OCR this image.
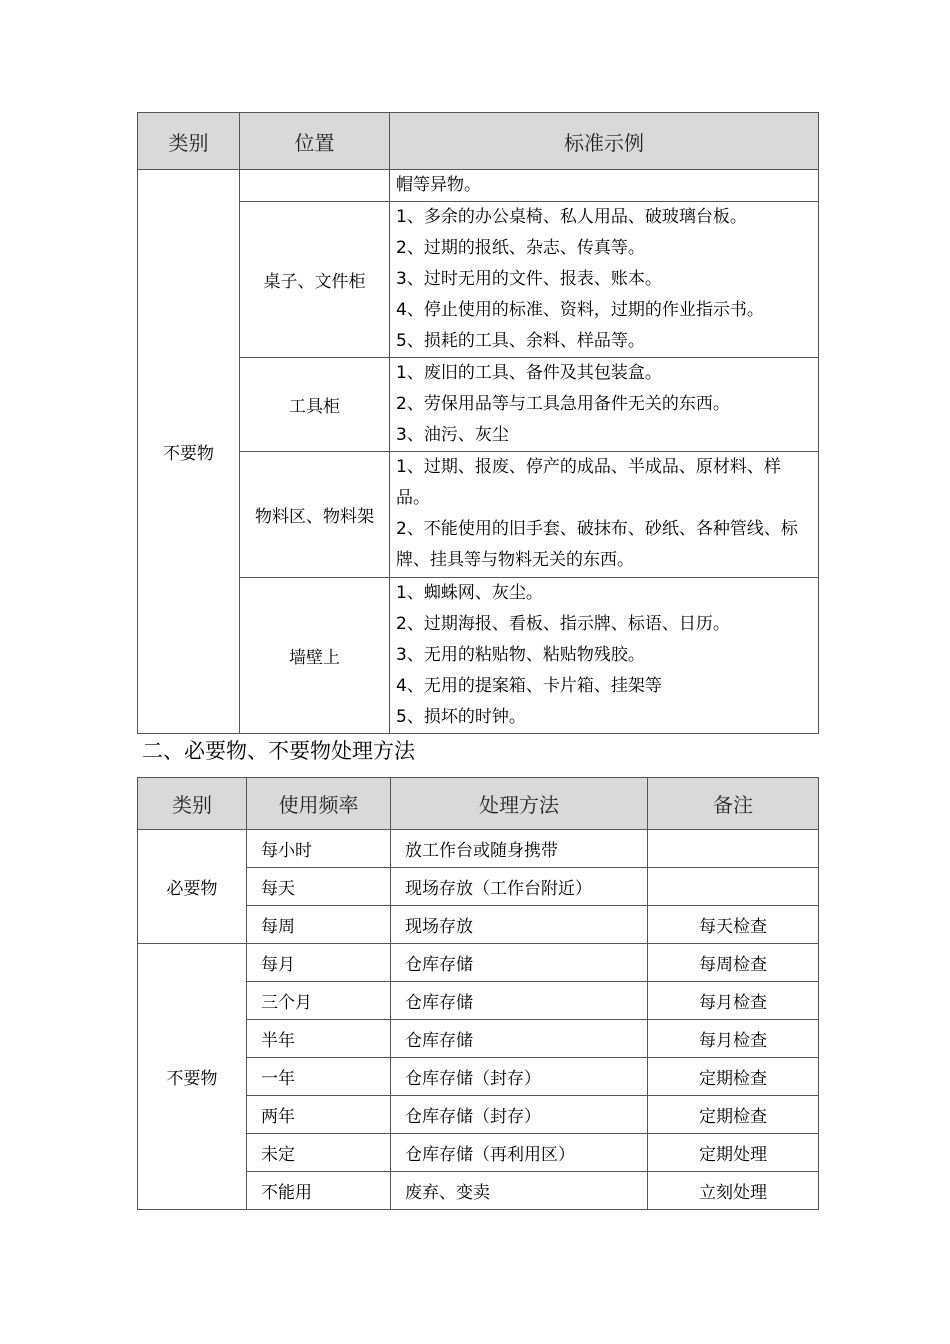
类别	位置	标准示例
不要物		帽等异物。

	桌子、文件柜	1、多余的办公桌椅、私人用品、破玻璃台板。
2、过期的报纸、杂志、传真等。
3、过时无用的文件、报表、账本。
4、停止使用的标准、资料，过期的作业指示书。
5、损耗的工具、余料、样品等。

	工具柜	1、废旧的工具、备件及其包装盒。
2、劳保用品等与工具急用备件无关的东西。
3、油污、灰尘

	物料区、物料架	1、过期、报废、停产的成品、半成品、原材料、样品。
2、不能使用的旧手套、破抹布、砂纸、各种管线、标牌、挂具等与物料无关的东西。

	墙壁上	1、蜘蛛网、灰尘。
2、过期海报、看板、指示牌、标语、日历。
3、无用的粘贴物、粘贴物残胶。
4、无用的提案箱、卡片箱、挂架等
5、损坏的时钟。
二、必要物、不要物处理方法
类别	使用频率	处理方法	备注
必要物	每小时	放工作台或随身携带	
	每天	现场存放（工作台附近）	
	每周	现场存放	每天检查
不要物	每月	仓库存储	每周检查
	三个月	仓库存储	每月检查
	半年	仓库存储	每月检查
	一年	仓库存储（封存）	定期检查
	两年	仓库存储（封存）	定期检查
	未定	仓库存储（再利用区）	定期处理
	不能用	废弃、变卖	立刻处理
